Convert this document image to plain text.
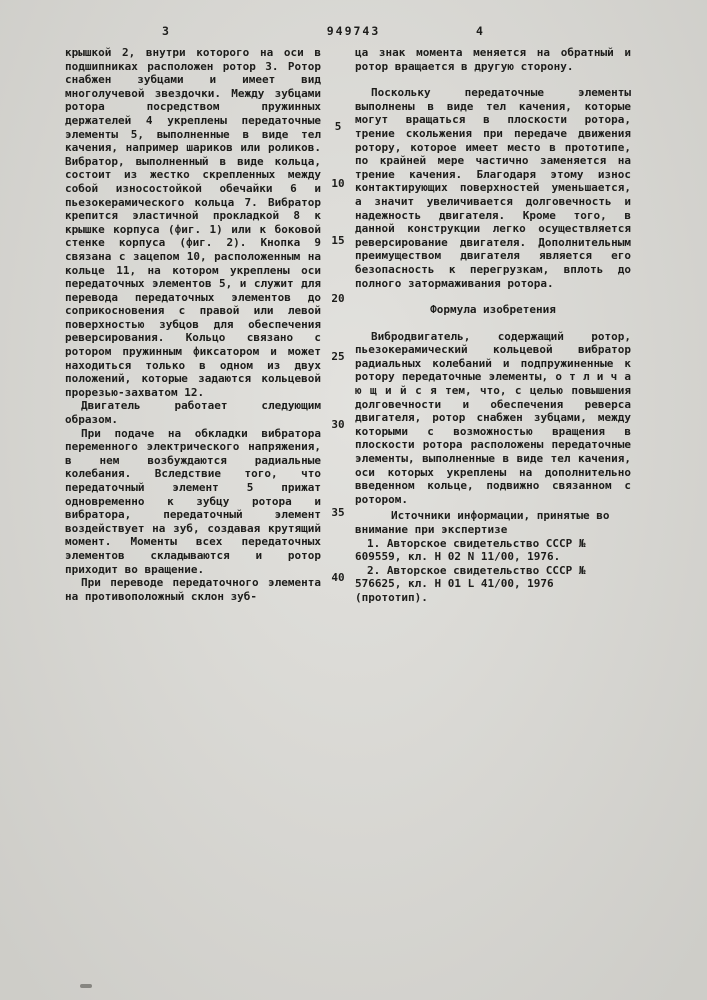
3	949743	4

крышкой 2, внутри которого на оси в подшипниках расположен ротор 3. Ротор снабжен зубцами и имеет вид многолучевой звездочки. Между зубцами ротора посредством пружинных держателей 4 укреплены передаточные элементы 5, выполненные в виде тел качения, например шариков или роликов. Вибратор, выполненный в виде кольца, состоит из жестко скрепленных между собой износостойкой обечайки 6 и пьезокерамического кольца 7. Вибратор крепится эластичной прокладкой 8 к крышке корпуса (фиг. 1) или к боковой стенке корпуса (фиг. 2). Кнопка 9 связана с зацепом 10, расположенным на кольце 11, на котором укреплены оси передаточных элементов 5, и служит для перевода передаточных элементов до соприкосновения с правой или левой поверхностью зубцов для обеспечения реверсирования. Кольцо связано с ротором пружинным фиксатором и может находиться только в одном из двух положений, которые задаются кольцевой прорезью-захватом 12.

Двигатель работает следующим образом.

При подаче на обкладки вибратора переменного электрического напряжения, в нем возбуждаются радиальные колебания. Вследствие того, что передаточный элемент 5 прижат одновременно к зубцу ротора и вибратора, передаточный элемент воздействует на зуб, создавая крутящий момент. Моменты всех передаточных элементов складываются и ротор приходит во вращение.

При переводе передаточного элемента на противоположный склон зуб-

5
10
15
20
25
30
35
40

ца знак момента меняется на обратный и ротор вращается в другую сторону.

Поскольку передаточные элементы выполнены в виде тел качения, которые могут вращаться в плоскости ротора, трение скольжения при передаче движения ротору, которое имеет место в прототипе, по крайней мере частично заменяется на трение качения. Благодаря этому износ контактирующих поверхностей уменьшается, а значит увеличивается долговечность и надежность двигателя. Кроме того, в данной конструкции легко осуществляется реверсирование двигателя. Дополнительным преимуществом двигателя является его безопасность к перегрузкам, вплоть до полного затормаживания ротора.

Формула изобретения

Вибродвигатель, содержащий ротор, пьезокерамический кольцевой вибратор радиальных колебаний и подпружиненные к ротору передаточные элементы, о т л и ч а ю щ и й с я тем, что, с целью повышения долговечности и обеспечения реверса двигателя, ротор снабжен зубцами, между которыми с возможностью вращения в плоскости ротора расположены передаточные элементы, выполненные в виде тел качения, оси которых укреплены на дополнительно введенном кольце, подвижно связанном с ротором.

Источники информации, принятые во внимание при экспертизе

1. Авторское свидетельство СССР № 609559, кл. Н 02 N 11/00, 1976.

2. Авторское свидетельство СССР № 576625, кл. Н 01 L 41/00, 1976 (прототип).
